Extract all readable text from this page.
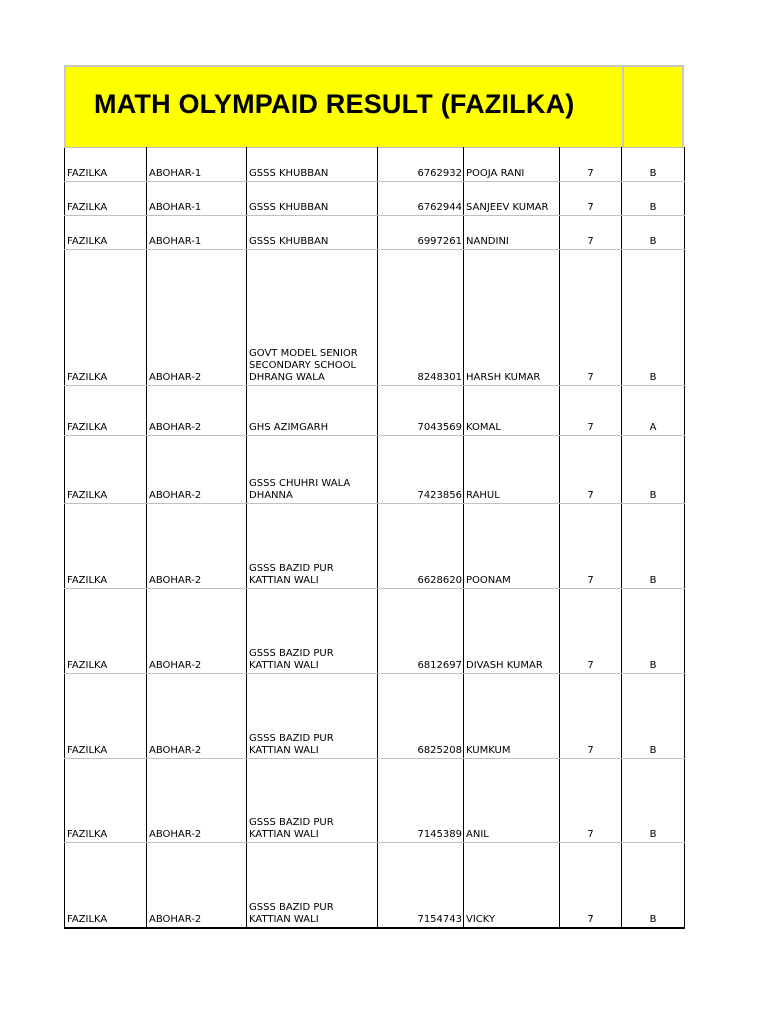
MATH OLYMPAID RESULT (FAZILKA)
FAZILKA	ABOHAR-1	GSSS KHUBBAN	6762932	POOJA RANI	7	B
FAZILKA	ABOHAR-1	GSSS KHUBBAN	6762944	SANJEEV KUMAR	7	B
FAZILKA	ABOHAR-1	GSSS KHUBBAN	6997261	NANDINI	7	B
FAZILKA	ABOHAR-2	GOVT MODEL SENIOR SECONDARY SCHOOL DHRANG WALA	8248301	HARSH KUMAR	7	B
FAZILKA	ABOHAR-2	GHS AZIMGARH	7043569	KOMAL	7	A
FAZILKA	ABOHAR-2	GSSS CHUHRI WALA DHANNA	7423856	RAHUL	7	B
FAZILKA	ABOHAR-2	GSSS BAZID PUR KATTIAN WALI	6628620	POONAM	7	B
FAZILKA	ABOHAR-2	GSSS BAZID PUR KATTIAN WALI	6812697	DIVASH KUMAR	7	B
FAZILKA	ABOHAR-2	GSSS BAZID PUR KATTIAN WALI	6825208	KUMKUM	7	B
FAZILKA	ABOHAR-2	GSSS BAZID PUR KATTIAN WALI	7145389	ANIL	7	B
FAZILKA	ABOHAR-2	GSSS BAZID PUR KATTIAN WALI	7154743	VICKY	7	B
